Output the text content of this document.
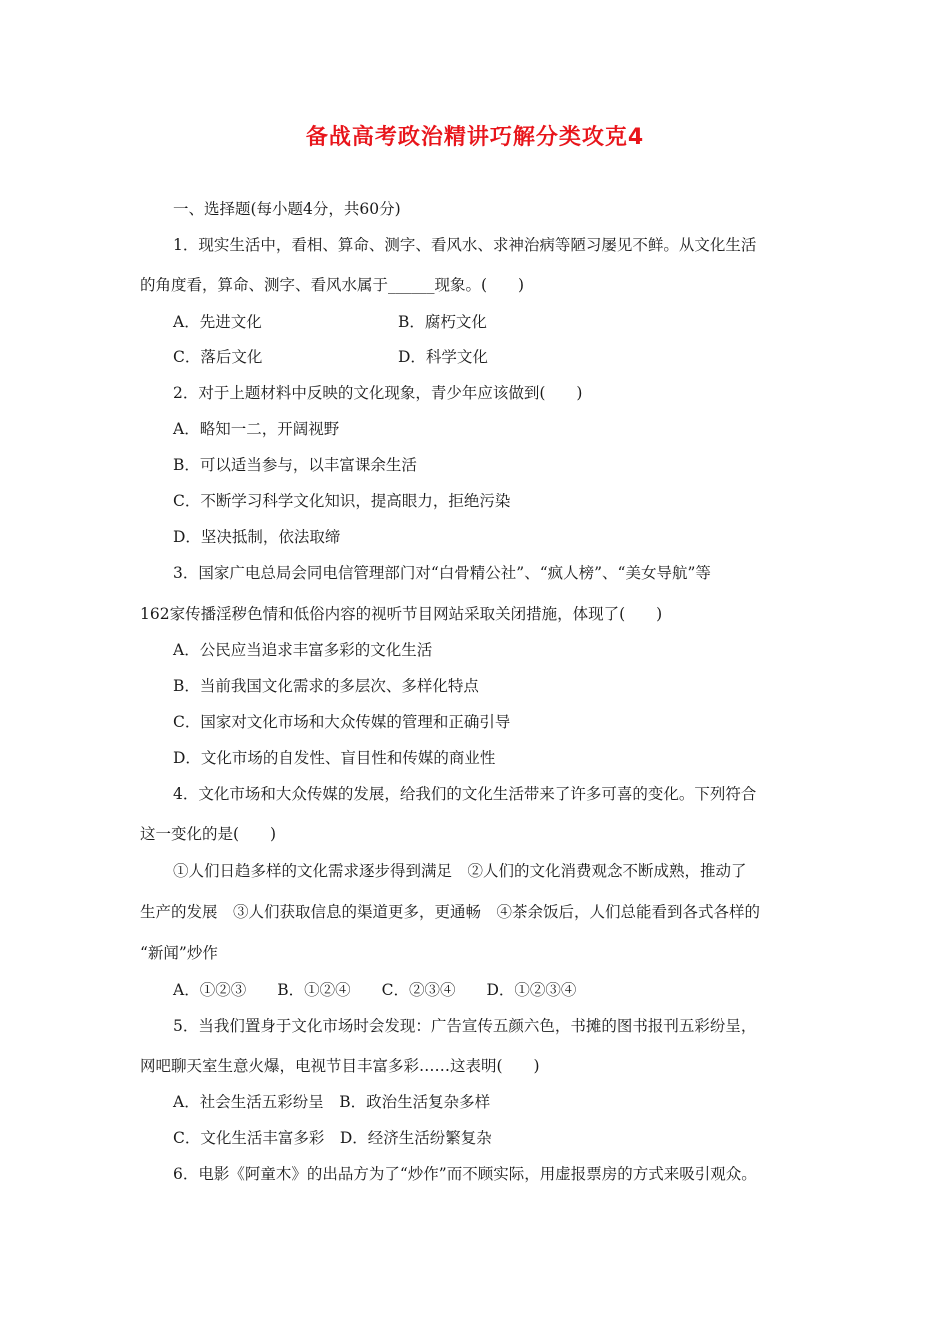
备战高考政治精讲巧解分类攻克4
一、选择题(每小题4分，共60分)
1．现实生活中，看相、算命、测字、看风水、求神治病等陋习屡见不鲜。从文化生活
的角度看，算命、测字、看风水属于______现象。(　　)
A．先进文化	B．腐朽文化
C．落后文化	D．科学文化
2．对于上题材料中反映的文化现象，青少年应该做到(　　)
A．略知一二，开阔视野
B．可以适当参与，以丰富课余生活
C．不断学习科学文化知识，提高眼力，拒绝污染
D．坚决抵制，依法取缔
3．国家广电总局会同电信管理部门对“白骨精公社”、“疯人榜”、“美女导航”等
162家传播淫秽色情和低俗内容的视听节目网站采取关闭措施，体现了(　　)
A．公民应当追求丰富多彩的文化生活
B．当前我国文化需求的多层次、多样化特点
C．国家对文化市场和大众传媒的管理和正确引导
D．文化市场的自发性、盲目性和传媒的商业性
4．文化市场和大众传媒的发展，给我们的文化生活带来了许多可喜的变化。下列符合
这一变化的是(　　)
①人们日趋多样的文化需求逐步得到满足　②人们的文化消费观念不断成熟，推动了
生产的发展　③人们获取信息的渠道更多，更通畅　④茶余饭后，人们总能看到各式各样的
“新闻”炒作
A．①②③　　B．①②④　　C．②③④　　D．①②③④
5．当我们置身于文化市场时会发现：广告宣传五颜六色，书摊的图书报刊五彩纷呈，
网吧聊天室生意火爆，电视节目丰富多彩……这表明(　　)
A．社会生活五彩纷呈　B．政治生活复杂多样
C．文化生活丰富多彩　D．经济生活纷繁复杂
6．电影《阿童木》的出品方为了“炒作”而不顾实际，用虚报票房的方式来吸引观众。
